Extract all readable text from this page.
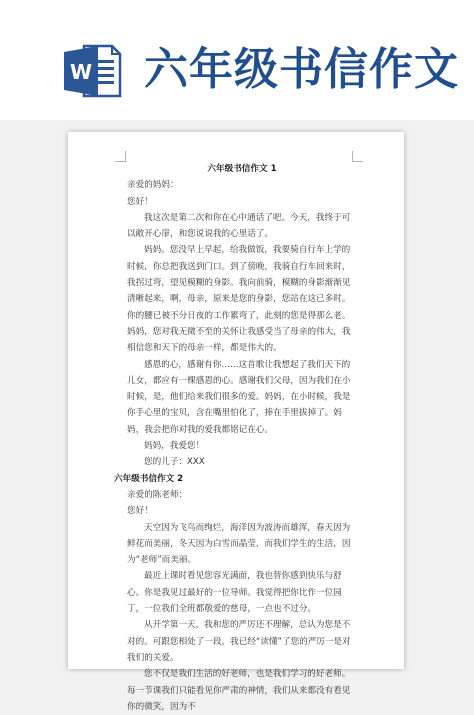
W 六年级书信作文

六年级书信作文 1

亲爱的妈妈：

您好！

我这次是第二次和你在心中通话了吧。今天，我终于可以敞开心扉，和您说说我的心里话了。

妈妈。您没早上早起，给我做饭，我要骑自行车上学的时候，你总把我送到门口。到了傍晚，我骑自行车回来时，我拐过弯，望见模糊的身影。我向前骑，模糊的身影渐渐见清晰起来，啊，母亲，原来是您的身影，您站在这已多时。你的腰已被不分日夜的工作累弯了，此刻的您是得那么老。妈妈，您对我无微不至的关怀让我感受当了母亲的伟大，我相信您和天下的母亲一样，都是伟大的。

感恩的心，感谢有你……这首歌让我想起了我们天下的儿女，都应有一棵感恩的心。感谢我们父母，因为我们在小时候，是，他们给来我们很多的爱。妈妈，在小时候，我是你手心里的宝贝，含在嘴里怕化了，捧在手里拔掉了。妈妈，我会把你对我的爱我都铭记在心。

妈妈，我爱您！

您的儿子：XXX

六年级书信作文 2

亲爱的陈老师：

您好！

天空因为飞鸟而绚烂，海洋因为波涛而雄浑，春天因为鲜花而美丽，冬天因为白雪而晶莹，而我们学生的生活，因为“老师”而美丽。

最近上课时看见您容光满面，我也替你感到快乐与舒心。你是我见过最好的一位导师。我觉得把你比作一位园丁，一位我们全班都敬爱的慈母，一点也不过分。

从开学第一天，我和您的严厉还不理解，总认为您是不对的。可跟您相处了一段，我已经“读懂”了您的严厉一是对我们的关爱。

您不仅是我们生活的好老师，也是我们学习的好老师。每一节课我们只能看见你严肃的神情，我们从来都没有看见你的微笑，因为不
